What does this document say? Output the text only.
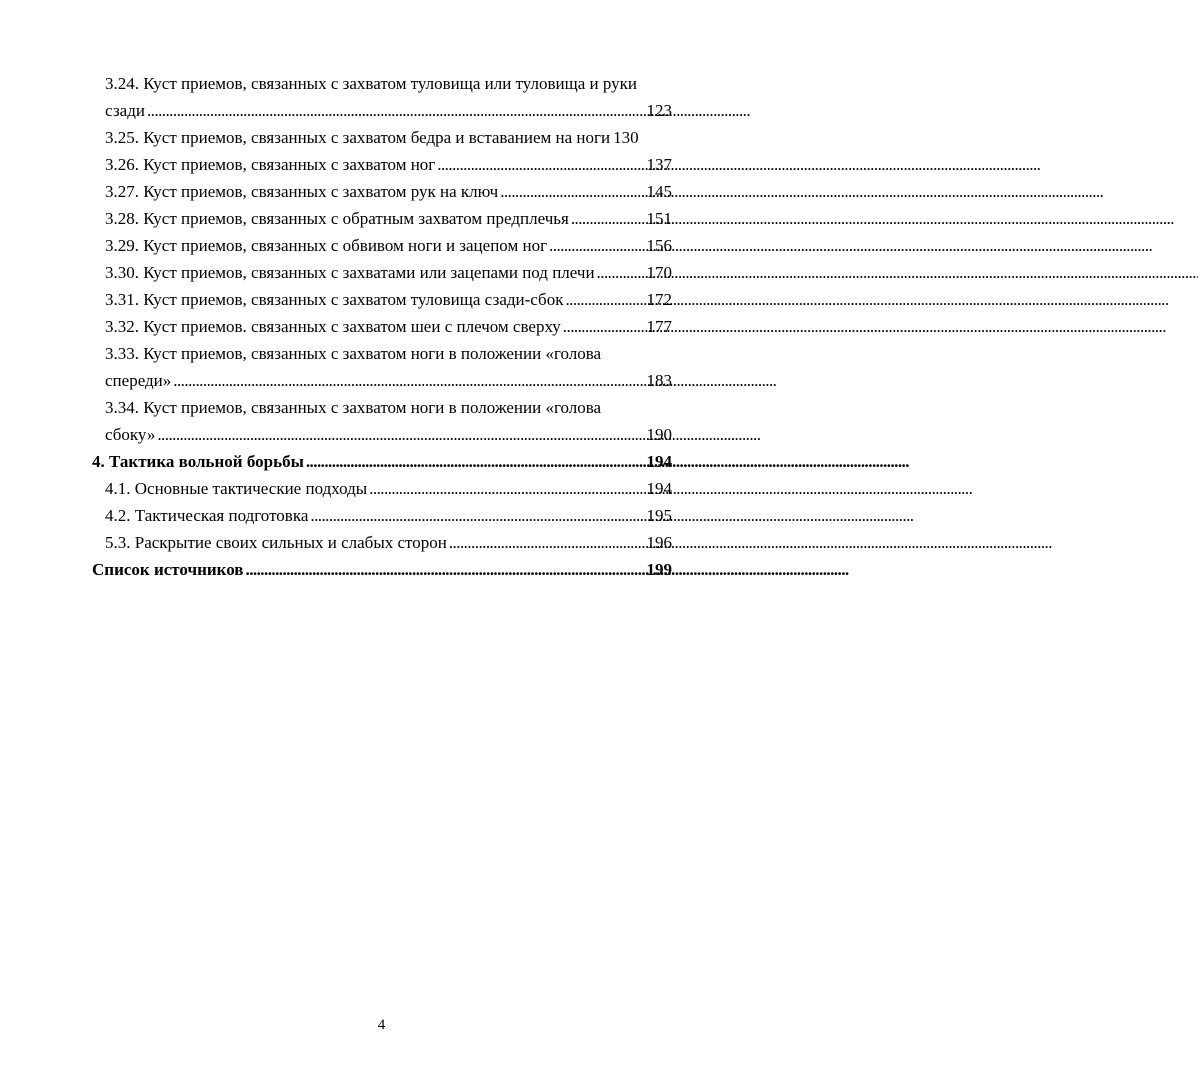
3.24. Куст приемов, связанных с захватом туловища или туловища и руки
сзади . . .	123
3.25. Куст приемов, связанных с захватом бедра и вставанием на ноги 130
3.26. Куст приемов, связанных с захватом ног . . .	137
3.27. Куст приемов, связанных с захватом рук на ключ . . .	145
3.28. Куст приемов, связанных с обратным захватом предплечья . . .	151
3.29. Куст приемов, связанных с обвивом ноги и зацепом ног . . .	156
3.30. Куст приемов, связанных с захватами или зацепами под плечи . . .	170
3.31. Куст приемов, связанных с захватом туловища сзади-сбок . . .	172
3.32. Куст приемов. связанных с захватом шеи с плечом сверху . . .	177
3.33. Куст приемов, связанных с захватом ноги в положении «голова
спереди» . . .	183
3.34. Куст приемов, связанных с захватом ноги в положении «голова
сбоку» . . .	190
4. Тактика вольной борьбы . . .	194
4.1. Основные тактические подходы . . .	194
4.2. Тактическая подготовка . . .	195
5.3. Раскрытие своих сильных и слабых сторон . . .	196
Список источников . . .	199
4
